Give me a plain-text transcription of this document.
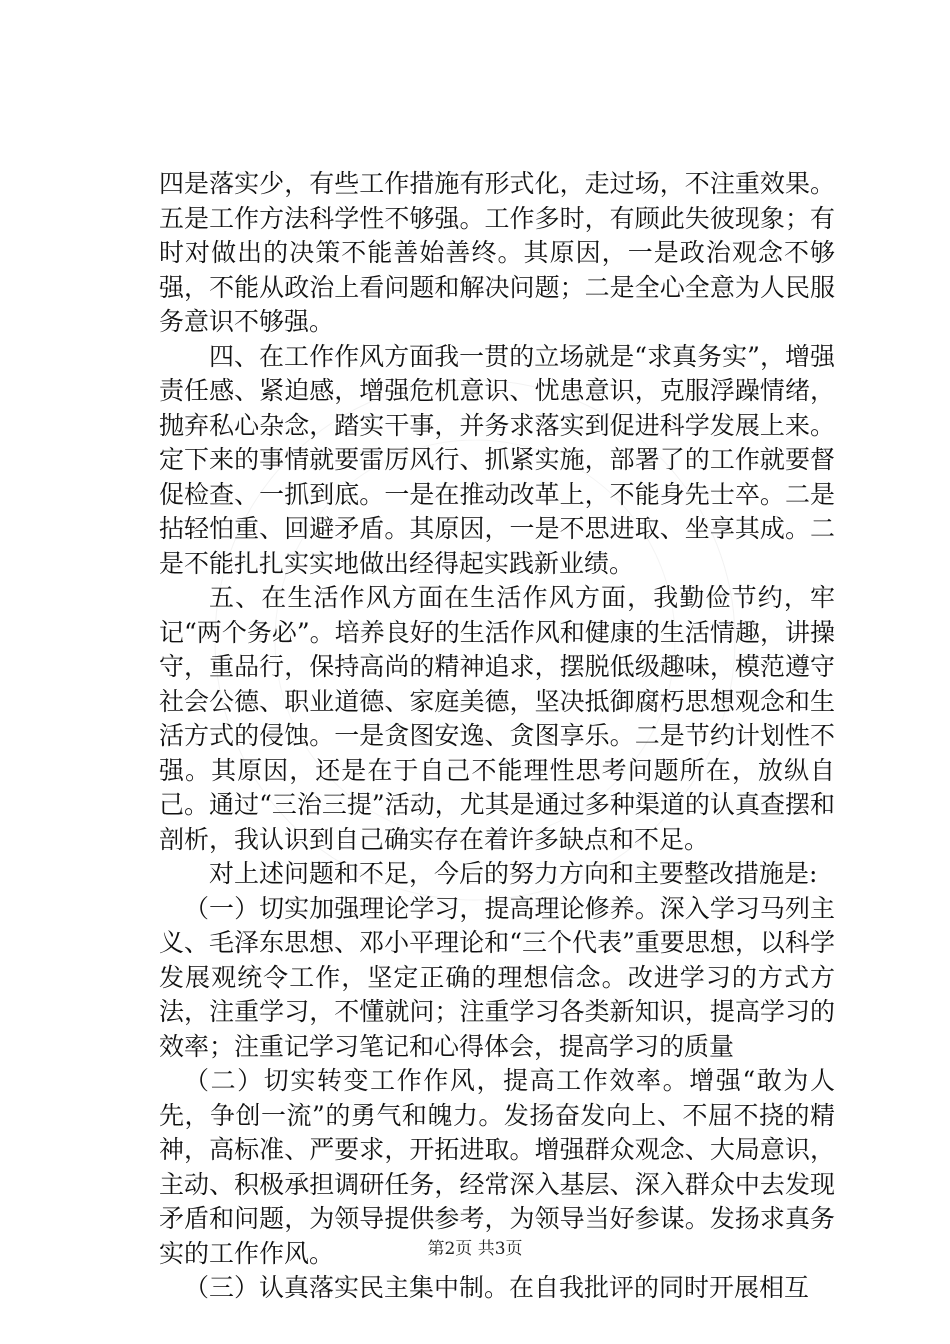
四是落实少，有些工作措施有形式化，走过场，不注重效果。五是工作方法科学性不够强。工作多时，有顾此失彼现象；有时对做出的决策不能善始善终。其原因，一是政治观念不够强，不能从政治上看问题和解决问题；二是全心全意为人民服务意识不够强。

四、在工作作风方面我一贯的立场就是“求真务实”，增强责任感、紧迫感，增强危机意识、忧患意识，克服浮躁情绪，抛弃私心杂念，踏实干事，并务求落实到促进科学发展上来。定下来的事情就要雷厉风行、抓紧实施，部署了的工作就要督促检查、一抓到底。一是在推动改革上，不能身先士卒。二是拈轻怕重、回避矛盾。其原因，一是不思进取、坐享其成。二是不能扎扎实实地做出经得起实践新业绩。

五、在生活作风方面在生活作风方面，我勤俭节约，牢记“两个务必”。培养良好的生活作风和健康的生活情趣，讲操守，重品行，保持高尚的精神追求，摆脱低级趣味，模范遵守社会公德、职业道德、家庭美德，坚决抵御腐朽思想观念和生活方式的侵蚀。一是贪图安逸、贪图享乐。二是节约计划性不强。其原因，还是在于自己不能理性思考问题所在，放纵自己。通过“三治三提”活动，尤其是通过多种渠道的认真查摆和剖析，我认识到自己确实存在着许多缺点和不足。

对上述问题和不足，今后的努力方向和主要整改措施是:

（一）切实加强理论学习，提高理论修养。深入学习马列主义、毛泽东思想、邓小平理论和“三个代表”重要思想，以科学发展观统令工作，坚定正确的理想信念。改进学习的方式方法，注重学习，不懂就问；注重学习各类新知识，提高学习的效率；注重记学习笔记和心得体会，提高学习的质量

（二）切实转变工作作风，提高工作效率。增强“敢为人先，争创一流”的勇气和魄力。发扬奋发向上、不屈不挠的精神，高标准、严要求，开拓进取。增强群众观念、大局意识，主动、积极承担调研任务，经常深入基层、深入群众中去发现矛盾和问题，为领导提供参考，为领导当好参谋。发扬求真务实的工作作风。

（三）认真落实民主集中制。在自我批评的同时开展相互

第2页 共3页
